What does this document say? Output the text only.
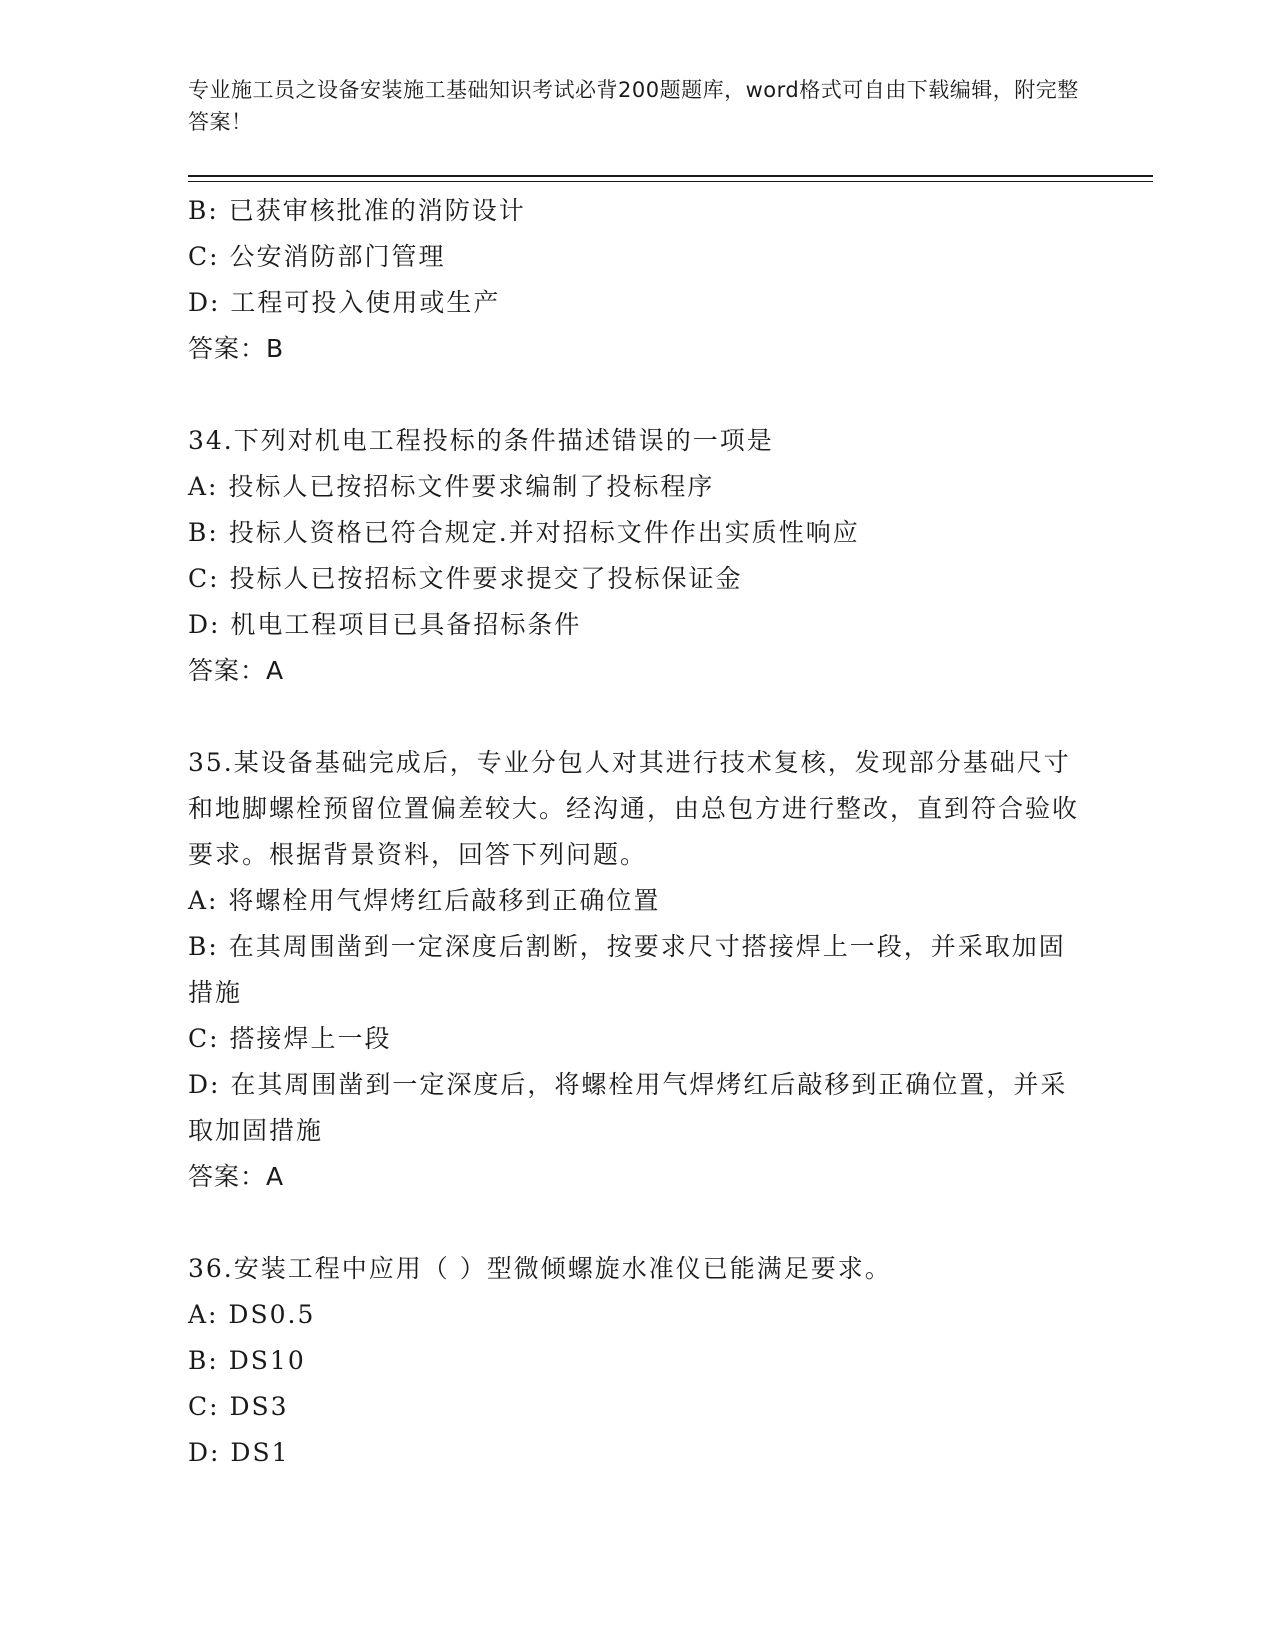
专业施工员之设备安装施工基础知识考试必背200题题库，word格式可自由下载编辑，附完整答案！

B: 已获审核批准的消防设计

C: 公安消防部门管理

D: 工程可投入使用或生产

答案：B

34.下列对机电工程投标的条件描述错误的一项是

A: 投标人已按招标文件要求编制了投标程序

B: 投标人资格已符合规定.并对招标文件作出实质性响应

C: 投标人已按招标文件要求提交了投标保证金

D: 机电工程项目已具备招标条件

答案：A

35.某设备基础完成后，专业分包人对其进行技术复核，发现部分基础尺寸和地脚螺栓预留位置偏差较大。经沟通，由总包方进行整改，直到符合验收要求。根据背景资料，回答下列问题。

A: 将螺栓用气焊烤红后敲移到正确位置

B: 在其周围凿到一定深度后割断，按要求尺寸搭接焊上一段，并采取加固措施

C: 搭接焊上一段

D: 在其周围凿到一定深度后，将螺栓用气焊烤红后敲移到正确位置，并采取加固措施

答案：A

36.安装工程中应用（ ）型微倾螺旋水准仪已能满足要求。

A: DS0.5

B: DS10

C: DS3

D: DS1
